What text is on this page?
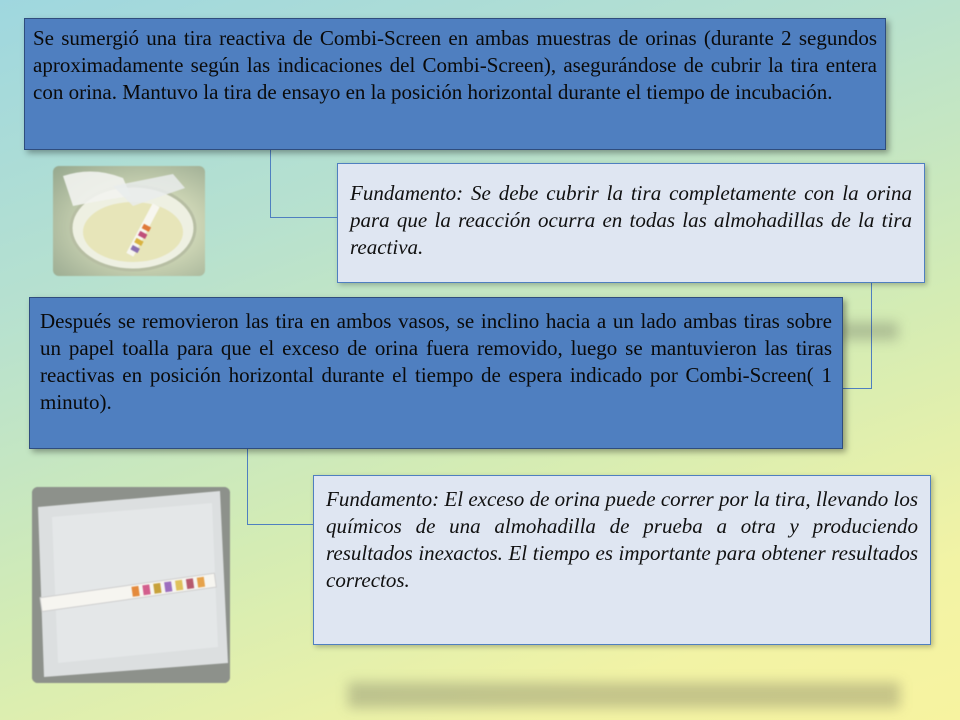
Se sumergió una tira reactiva de Combi-Screen en ambas muestras de orinas (durante 2 segundos aproximadamente según las indicaciones del Combi-Screen), asegurándose de cubrir la tira entera con orina. Mantuvo la tira de ensayo en la posición horizontal durante el tiempo de incubación.
Fundamento: Se debe cubrir la tira completamente con la orina para que la reacción ocurra en todas las almohadillas de la tira reactiva.
Después se removieron las tira en ambos vasos, se inclino hacia a un lado ambas tiras sobre un papel toalla para que el exceso de orina fuera removido, luego se mantuvieron las tiras reactivas en posición horizontal durante el tiempo de espera indicado por Combi-Screen( 1 minuto).
Fundamento: El exceso de orina puede correr por la tira, llevando los químicos de una almohadilla de prueba a otra y produciendo resultados inexactos. El tiempo es importante para obtener resultados correctos.
